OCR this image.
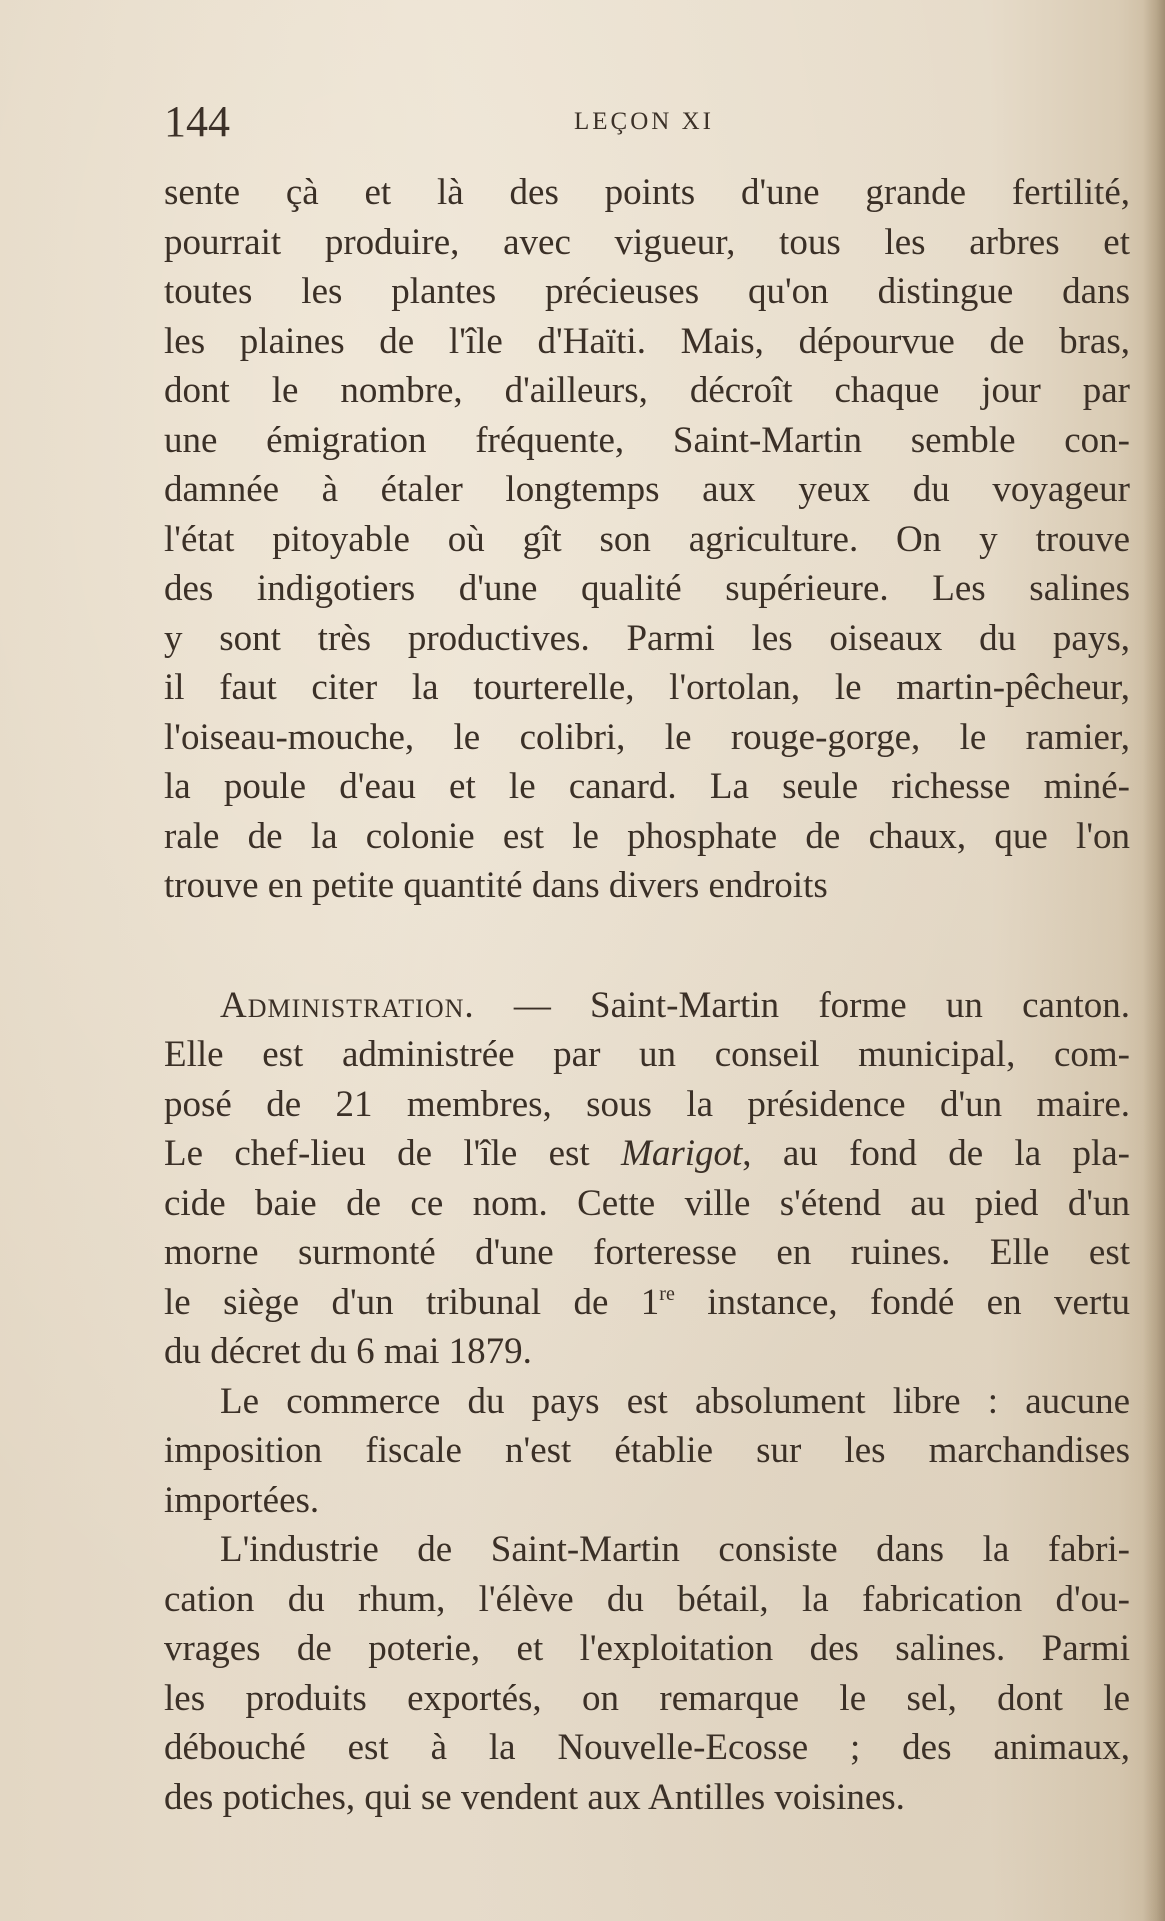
144	LEÇON XI
sente çà et là des points d'une grande fertilité,
pourrait produire, avec vigueur, tous les arbres et
toutes les plantes précieuses qu'on distingue dans
les plaines de l'île d'Haïti. Mais, dépourvue de bras,
dont le nombre, d'ailleurs, décroît chaque jour par
une émigration fréquente, Saint-Martin semble con-
damnée à étaler longtemps aux yeux du voyageur
l'état pitoyable où gît son agriculture. On y trouve
des indigotiers d'une qualité supérieure. Les salines
y sont très productives. Parmi les oiseaux du pays,
il faut citer la tourterelle, l'ortolan, le martin-pêcheur,
l'oiseau-mouche, le colibri, le rouge-gorge, le ramier,
la poule d'eau et le canard. La seule richesse miné-
rale de la colonie est le phosphate de chaux, que l'on
trouve en petite quantité dans divers endroits
Administration. — Saint-Martin forme un canton.
Elle est administrée par un conseil municipal, com-
posé de 21 membres, sous la présidence d'un maire.
Le chef-lieu de l'île est Marigot, au fond de la pla-
cide baie de ce nom. Cette ville s'étend au pied d'un
morne surmonté d'une forteresse en ruines. Elle est
le siège d'un tribunal de 1re instance, fondé en vertu
du décret du 6 mai 1879.
Le commerce du pays est absolument libre : aucune
imposition fiscale n'est établie sur les marchandises
importées.
L'industrie de Saint-Martin consiste dans la fabri-
cation du rhum, l'élève du bétail, la fabrication d'ou-
vrages de poterie, et l'exploitation des salines. Parmi
les produits exportés, on remarque le sel, dont le
débouché est à la Nouvelle-Ecosse ; des animaux,
des potiches, qui se vendent aux Antilles voisines.
